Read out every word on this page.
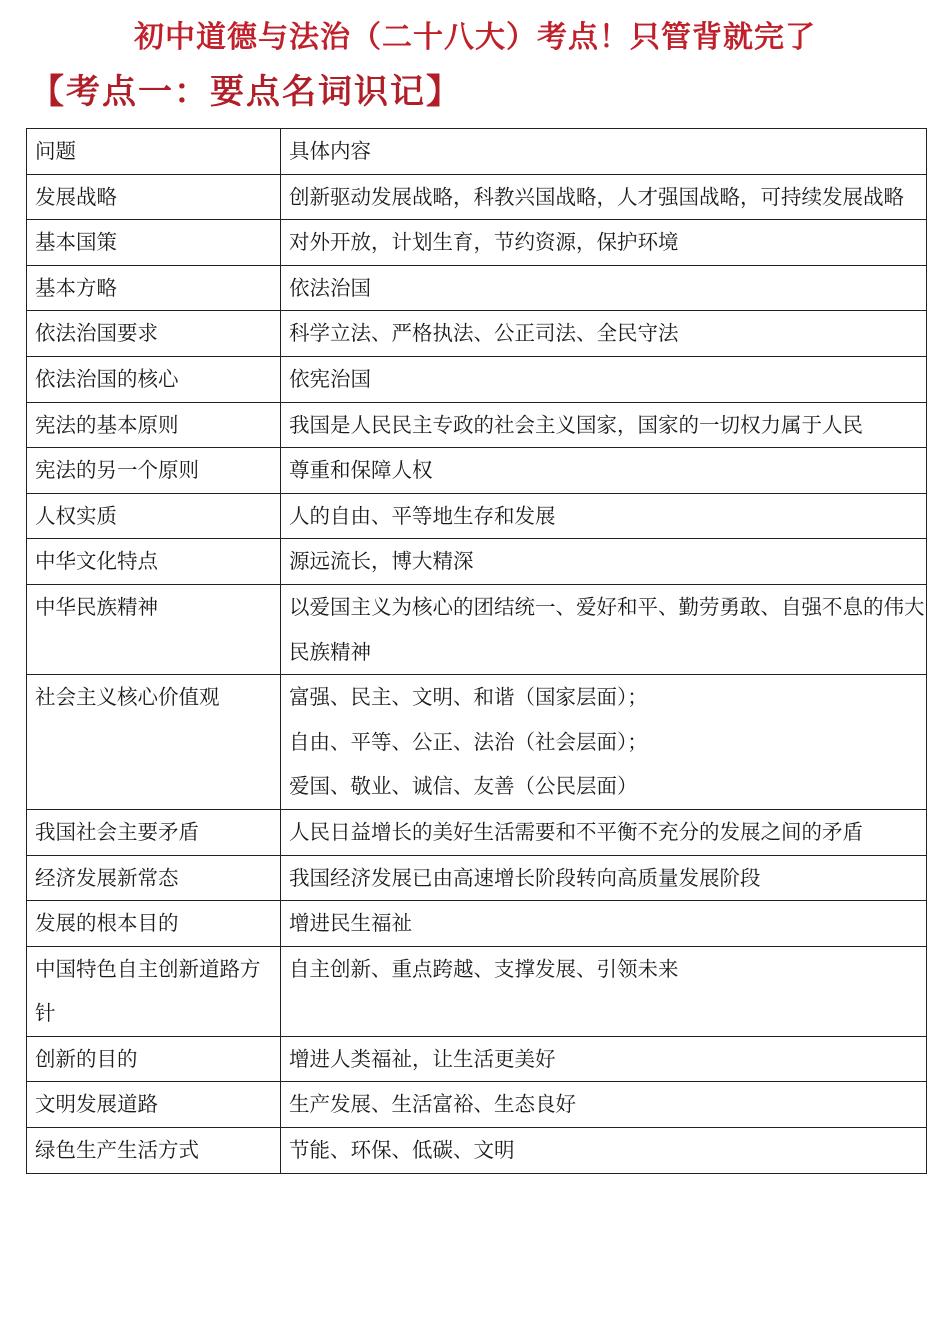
初中道德与法治（二十八大）考点！只管背就完了
【考点一：要点名词识记】
问题	具体内容
发展战略	创新驱动发展战略，科教兴国战略，人才强国战略，可持续发展战略
基本国策	对外开放，计划生育，节约资源，保护环境
基本方略	依法治国
依法治国要求	科学立法、严格执法、公正司法、全民守法
依法治国的核心	依宪治国
宪法的基本原则	我国是人民民主专政的社会主义国家，国家的一切权力属于人民
宪法的另一个原则	尊重和保障人权
人权实质	人的自由、平等地生存和发展
中华文化特点	源远流长，博大精深
中华民族精神	以爱国主义为核心的团结统一、爱好和平、勤劳勇敢、自强不息的伟大民族精神
社会主义核心价值观	富强、民主、文明、和谐（国家层面）；
自由、平等、公正、法治（社会层面）；
爱国、敬业、诚信、友善（公民层面）

我国社会主要矛盾	人民日益增长的美好生活需要和不平衡不充分的发展之间的矛盾
经济发展新常态	我国经济发展已由高速增长阶段转向高质量发展阶段
发展的根本目的	增进民生福祉
中国特色自主创新道路方针	自主创新、重点跨越、支撑发展、引领未来
创新的目的	增进人类福祉，让生活更美好
文明发展道路	生产发展、生活富裕、生态良好
绿色生产生活方式	节能、环保、低碳、文明
